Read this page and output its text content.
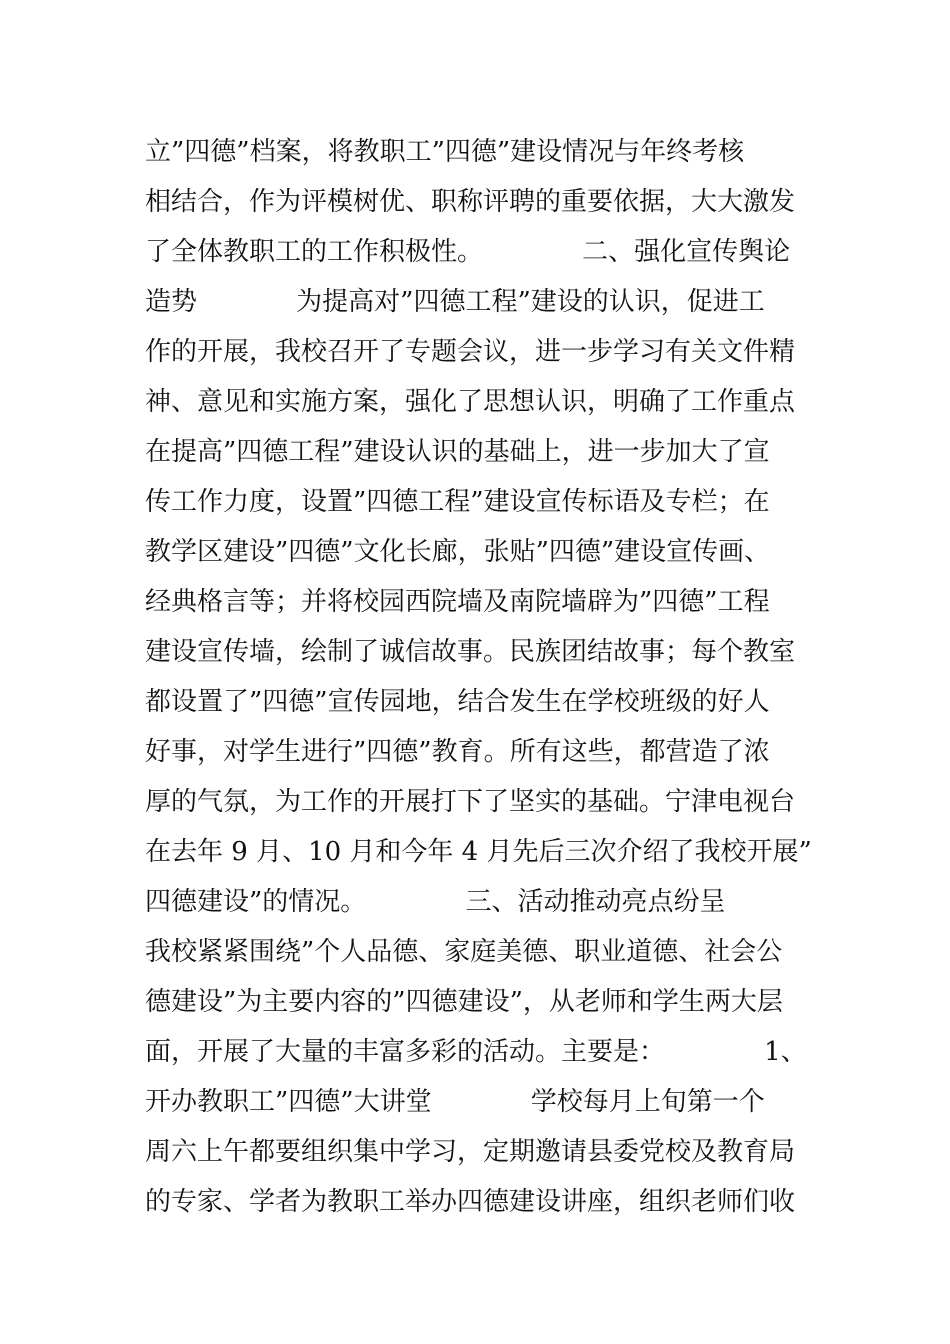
立”四德”档案，将教职工”四德”建设情况与年终考核
相结合，作为评模树优、职称评聘的重要依据，大大激发
了全体教职工的工作积极性。            二、强化宣传舆论
造势            为提高对”四德工程”建设的认识，促进工
作的开展，我校召开了专题会议，进一步学习有关文件精
神、意见和实施方案，强化了思想认识，明确了工作重点
在提高”四德工程”建设认识的基础上，进一步加大了宣
传工作力度，设置”四德工程”建设宣传标语及专栏；在
教学区建设”四德”文化长廊，张贴”四德”建设宣传画、
经典格言等；并将校园西院墙及南院墙辟为”四德”工程
建设宣传墙，绘制了诚信故事。民族团结故事；每个教室
都设置了”四德”宣传园地，结合发生在学校班级的好人
好事，对学生进行”四德”教育。所有这些，都营造了浓
厚的气氛，为工作的开展打下了坚实的基础。宁津电视台
在去年 9 月、10 月和今年 4 月先后三次介绍了我校开展”
四德建设”的情况。            三、活动推动亮点纷呈
我校紧紧围绕”个人品德、家庭美德、职业道德、社会公
德建设”为主要内容的”四德建设”，从老师和学生两大层
面，开展了大量的丰富多彩的活动。主要是：            1、
开办教职工”四德”大讲堂            学校每月上旬第一个
周六上午都要组织集中学习，定期邀请县委党校及教育局
的专家、学者为教职工举办四德建设讲座，组织老师们收
